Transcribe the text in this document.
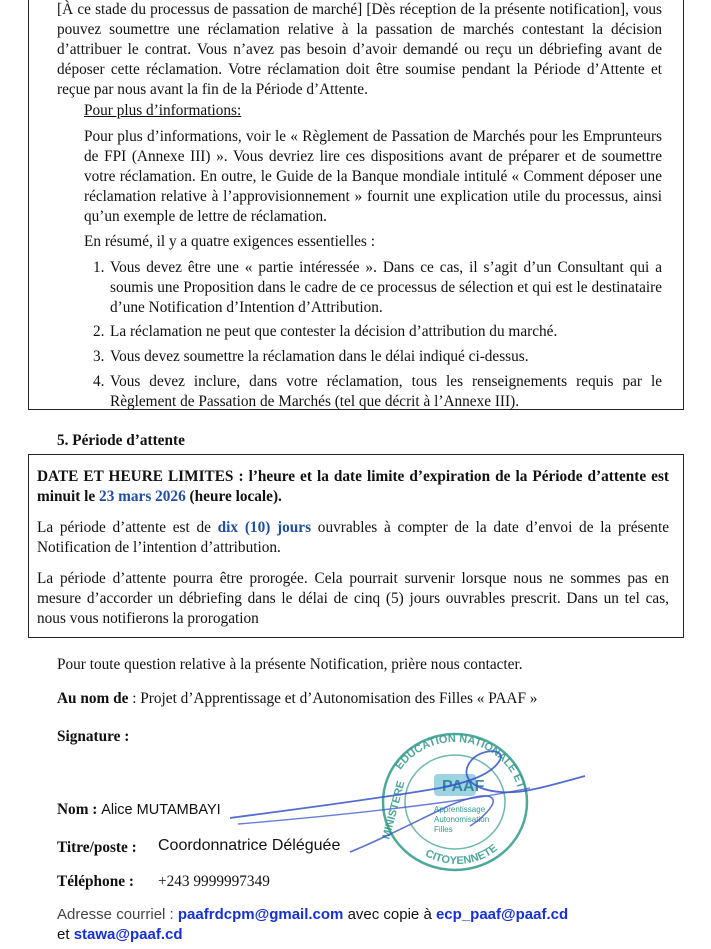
[À ce stade du processus de passation de marché] [Dès réception de la présente notification], vous pouvez soumettre une réclamation relative à la passation de marchés contestant la décision d’attribuer le contrat. Vous n’avez pas besoin d’avoir demandé ou reçu un débriefing avant de déposer cette réclamation. Votre réclamation doit être soumise pendant la Période d’Attente et reçue par nous avant la fin de la Période d’Attente.

Pour plus d’informations:

Pour plus d’informations, voir le « Règlement de Passation de Marchés pour les Emprunteurs de FPI (Annexe III) ». Vous devriez lire ces dispositions avant de préparer et de soumettre votre réclamation. En outre, le Guide de la Banque mondiale intitulé « Comment déposer une réclamation relative à l’approvisionnement » fournit une explication utile du processus, ainsi qu’un exemple de lettre de réclamation.

En résumé, il y a quatre exigences essentielles :

1. Vous devez être une « partie intéressée ». Dans ce cas, il s’agit d’un Consultant qui a soumis une Proposition dans le cadre de ce processus de sélection et qui est le destinataire d’une Notification d’Intention d’Attribution.

2. La réclamation ne peut que contester la décision d’attribution du marché.

3. Vous devez soumettre la réclamation dans le délai indiqué ci-dessus.

4. Vous devez inclure, dans votre réclamation, tous les renseignements requis par le Règlement de Passation de Marchés (tel que décrit à l’Annexe III).

5. Période d’attente

DATE ET HEURE LIMITES : l’heure et la date limite d’expiration de la Période d’attente est minuit le 23 mars 2026 (heure locale).

La période d’attente est de dix (10) jours ouvrables à compter de la date d’envoi de la présente Notification de l’intention d’attribution.

La période d’attente pourra être prorogée. Cela pourrait survenir lorsque nous ne sommes pas en mesure d’accorder un débriefing dans le délai de cinq (5) jours ouvrables prescrit. Dans un tel cas, nous vous notifierons la prorogation

Pour toute question relative à la présente Notification, prière nous contacter.

Au nom de : Projet d’Apprentissage et d’Autonomisation des Filles « PAAF »

Signature :

EDUCATION NATIONALE ET
MINISTERE
CITOYENNETE
PAAF
Apprentissage
Autonomisation
Filles

Nom : Alice MUTAMBAYI

Titre/poste : Coordonnatrice Déléguée

Téléphone : +243 9999997349

Adresse courriel : paafrdcpm@gmail.com avec copie à ecp_paaf@paaf.cd

et stawa@paaf.cd
